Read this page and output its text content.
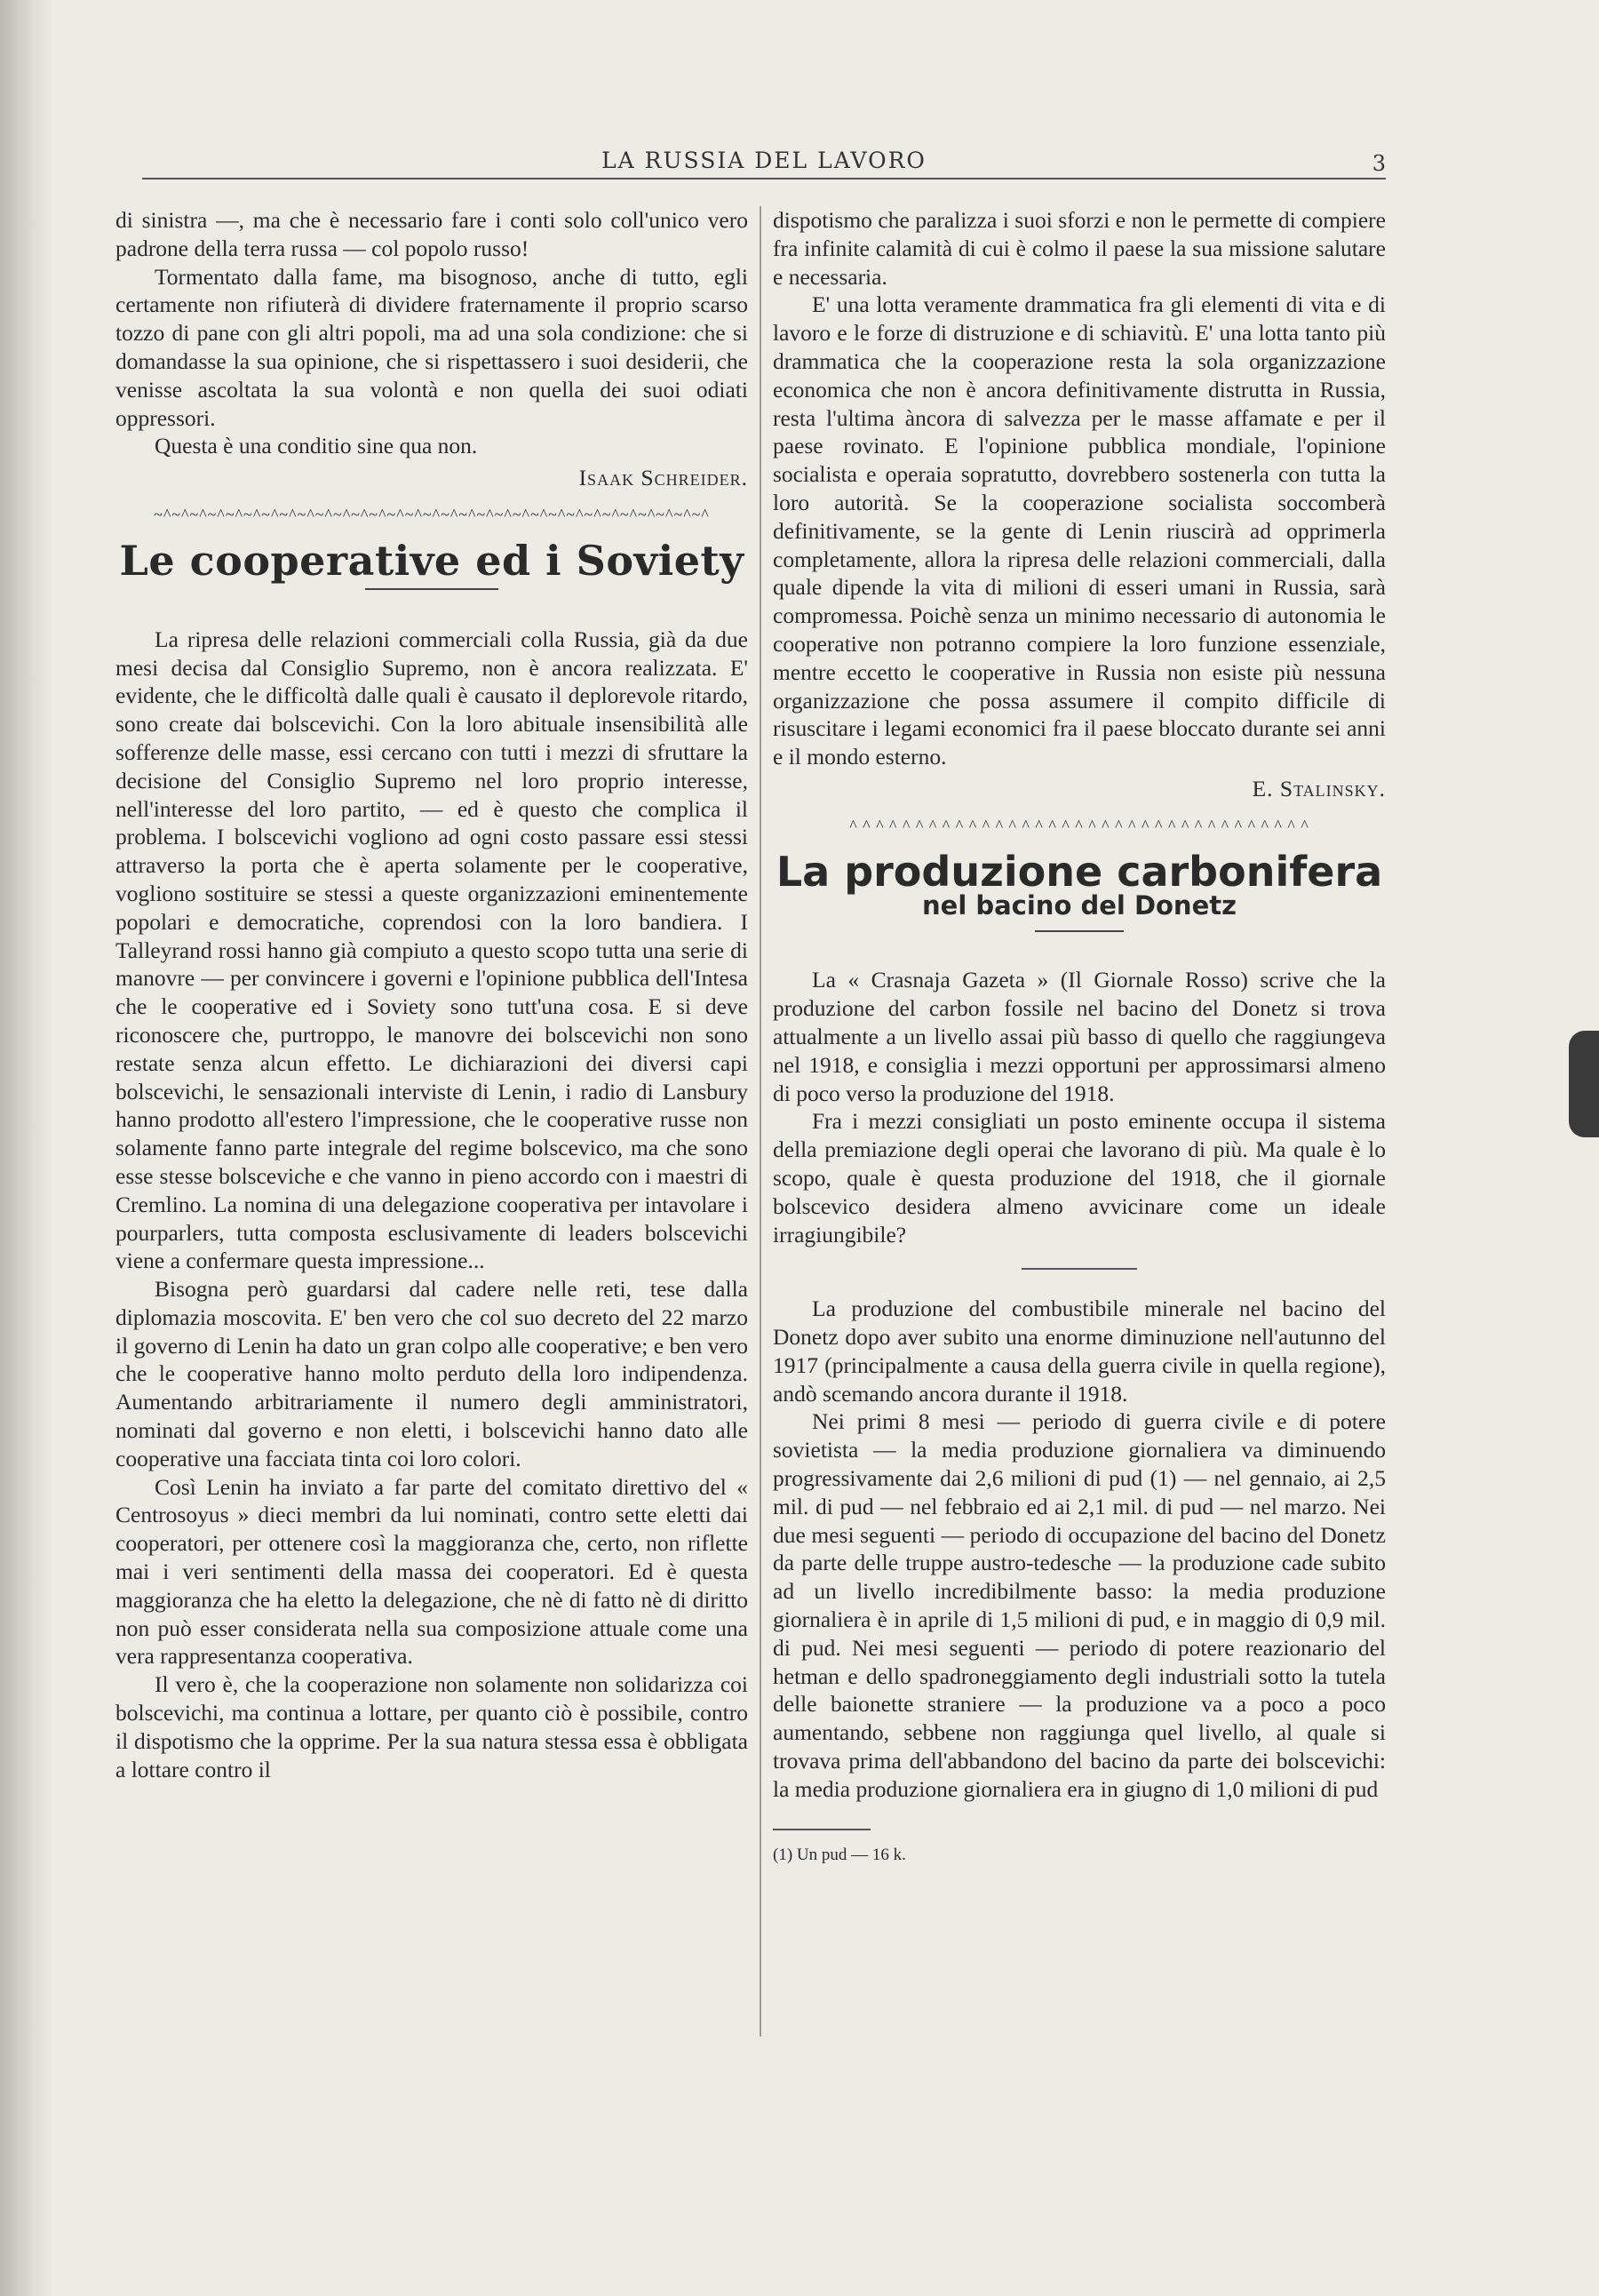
LA RUSSIA DEL LAVORO	3

di sinistra —, ma che è necessario fare i conti solo coll'unico vero padrone della terra russa — col popolo russo!

Tormentato dalla fame, ma bisognoso, anche di tutto, egli certamente non rifiuterà di dividere fraternamente il proprio scarso tozzo di pane con gli altri popoli, ma ad una sola condizione: che si domandasse la sua opinione, che si rispettassero i suoi desiderii, che venisse ascoltata la sua volontà e non quella dei suoi odiati oppressori.

Questa è una conditio sine qua non.

Isaak Schreider.
~^~^~^~^~^~^~^~^~^~^~^~^~^~^~^~^~^~^~^~^~^~^~^~^~^~^~^~^~^~^~^
Le cooperative ed i Soviety

La ripresa delle relazioni commerciali colla Russia, già da due mesi decisa dal Consiglio Supremo, non è ancora realizzata. E' evidente, che le difficoltà dalle quali è causato il deplorevole ritardo, sono create dai bolscevichi. Con la loro abituale insensibilità alle sofferenze delle masse, essi cercano con tutti i mezzi di sfruttare la decisione del Consiglio Supremo nel loro proprio interesse, nell'interesse del loro partito, — ed è questo che complica il problema. I bolscevichi vogliono ad ogni costo passare essi stessi attraverso la porta che è aperta solamente per le cooperative, vogliono sostituire se stessi a queste organizzazioni eminentemente popolari e democratiche, coprendosi con la loro bandiera. I Talleyrand rossi hanno già compiuto a questo scopo tutta una serie di manovre — per convincere i governi e l'opinione pubblica dell'Intesa che le cooperative ed i Soviety sono tutt'una cosa. E si deve riconoscere che, purtroppo, le manovre dei bolscevichi non sono restate senza alcun effetto. Le dichiarazioni dei diversi capi bolscevichi, le sensazionali interviste di Lenin, i radio di Lansbury hanno prodotto all'estero l'impressione, che le cooperative russe non solamente fanno parte integrale del regime bolscevico, ma che sono esse stesse bolsceviche e che vanno in pieno accordo con i maestri di Cremlino. La nomina di una delegazione cooperativa per intavolare i pourparlers, tutta composta esclusivamente di leaders bolscevichi viene a confermare questa impressione...

Bisogna però guardarsi dal cadere nelle reti, tese dalla diplomazia moscovita. E' ben vero che col suo decreto del 22 marzo il governo di Lenin ha dato un gran colpo alle cooperative; e ben vero che le cooperative hanno molto perduto della loro indipendenza. Aumentando arbitrariamente il numero degli amministratori, nominati dal governo e non eletti, i bolscevichi hanno dato alle cooperative una facciata tinta coi loro colori.

Così Lenin ha inviato a far parte del comitato direttivo del « Centrosoyus » dieci membri da lui nominati, contro sette eletti dai cooperatori, per ottenere così la maggioranza che, certo, non riflette mai i veri sentimenti della massa dei cooperatori. Ed è questa maggioranza che ha eletto la delegazione, che nè di fatto nè di diritto non può esser considerata nella sua composizione attuale come una vera rappresentanza cooperativa.

Il vero è, che la cooperazione non solamente non solidarizza coi bolscevichi, ma continua a lottare, per quanto ciò è possibile, contro il dispotismo che la opprime. Per la sua natura stessa essa è obbligata a lottare contro il

dispotismo che paralizza i suoi sforzi e non le permette di compiere fra infinite calamità di cui è colmo il paese la sua missione salutare e necessaria.

E' una lotta veramente drammatica fra gli elementi di vita e di lavoro e le forze di distruzione e di schiavitù. E' una lotta tanto più drammatica che la cooperazione resta la sola organizzazione economica che non è ancora definitivamente distrutta in Russia, resta l'ultima àncora di salvezza per le masse affamate e per il paese rovinato. E l'opinione pubblica mondiale, l'opinione socialista e operaia sopratutto, dovrebbero sostenerla con tutta la loro autorità. Se la cooperazione socialista soccomberà definitivamente, se la gente di Lenin riuscirà ad opprimerla completamente, allora la ripresa delle relazioni commerciali, dalla quale dipende la vita di milioni di esseri umani in Russia, sarà compromessa. Poichè senza un minimo necessario di autonomia le cooperative non potranno compiere la loro funzione essenziale, mentre eccetto le cooperative in Russia non esiste più nessuna organizzazione che possa assumere il compito difficile di risuscitare i legami economici fra il paese bloccato durante sei anni e il mondo esterno.

E. Stalinsky.
^ ^ ^ ^ ^ ^ ^ ^ ^ ^ ^ ^ ^ ^ ^ ^ ^ ^ ^ ^ ^ ^ ^ ^ ^ ^ ^ ^ ^ ^ ^ ^ ^ ^ ^
La produzione carbonifera
nel bacino del Donetz

La « Crasnaja Gazeta » (Il Giornale Rosso) scrive che la produzione del carbon fossile nel bacino del Donetz si trova attualmente a un livello assai più basso di quello che raggiungeva nel 1918, e consiglia i mezzi opportuni per approssimarsi almeno di poco verso la produzione del 1918.

Fra i mezzi consigliati un posto eminente occupa il sistema della premiazione degli operai che lavorano di più. Ma quale è lo scopo, quale è questa produzione del 1918, che il giornale bolscevico desidera almeno avvicinare come un ideale irragiungibile?

La produzione del combustibile minerale nel bacino del Donetz dopo aver subito una enorme diminuzione nell'autunno del 1917 (principalmente a causa della guerra civile in quella regione), andò scemando ancora durante il 1918.

Nei primi 8 mesi — periodo di guerra civile e di potere sovietista — la media produzione giornaliera va diminuendo progressivamente dai 2,6 milioni di pud (1) — nel gennaio, ai 2,5 mil. di pud — nel febbraio ed ai 2,1 mil. di pud — nel marzo. Nei due mesi seguenti — periodo di occupazione del bacino del Donetz da parte delle truppe austro-tedesche — la produzione cade subito ad un livello incredibilmente basso: la media produzione giornaliera è in aprile di 1,5 milioni di pud, e in maggio di 0,9 mil. di pud. Nei mesi seguenti — periodo di potere reazionario del hetman e dello spadroneggiamento degli industriali sotto la tutela delle baionette straniere — la produzione va a poco a poco aumentando, sebbene non raggiunga quel livello, al quale si trovava prima dell'abbandono del bacino da parte dei bolscevichi: la media produzione giornaliera era in giugno di 1,0 milioni di pud

(1) Un pud — 16 k.
